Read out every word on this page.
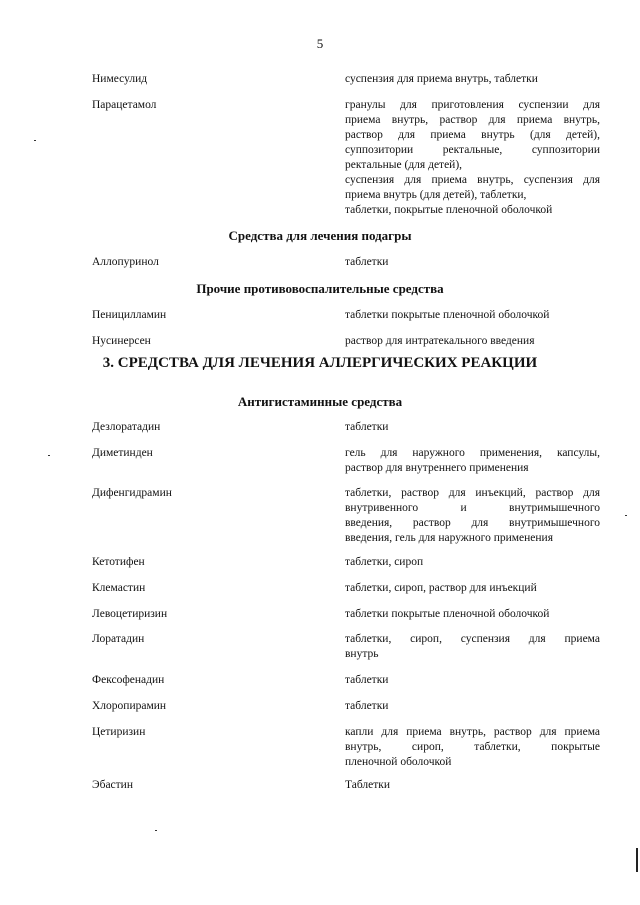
5
Нимесулид	суспензия для приема внутрь, таблетки
Парацетамол	гранулы для приготовления суспензии для
приема внутрь, раствор для приема внутрь,
раствор для приема внутрь (для детей),
суппозитории ректальные, суппозитории
ректальные (для детей),
суспензия для приема внутрь, суспензия для
приема внутрь (для детей), таблетки,
таблетки, покрытые пленочной оболочкой
Средства для лечения подагры
Аллопуринол	таблетки
Прочие противовоспалительные средства
Пеницилламин	таблетки покрытые пленочной оболочкой
Нусинерсен	раствор для интратекального введения
3. СРЕДСТВА ДЛЯ ЛЕЧЕНИЯ АЛЛЕРГИЧЕСКИХ РЕАКЦИИ
Антигистаминные средства
Дезлоратадин	таблетки
Диметинден	гель для наружного применения, капсулы,
раствор для внутреннего применения
Дифенгидрамин	таблетки, раствор для инъекций, раствор для
внутривенного и внутримышечного
введения, раствор для внутримышечного
введения, гель для наружного применения
Кетотифен	таблетки, сироп
Клемастин	таблетки, сироп, раствор для инъекций
Левоцетиризин	таблетки покрытые пленочной оболочкой
Лоратадин	таблетки, сироп, суспензия для приема
внутрь
Фексофенадин	таблетки
Хлоропирамин	таблетки
Цетиризин	капли для приема внутрь, раствор для приема
внутрь, сироп, таблетки, покрытые
пленочной оболочкой
Эбастин	Таблетки
